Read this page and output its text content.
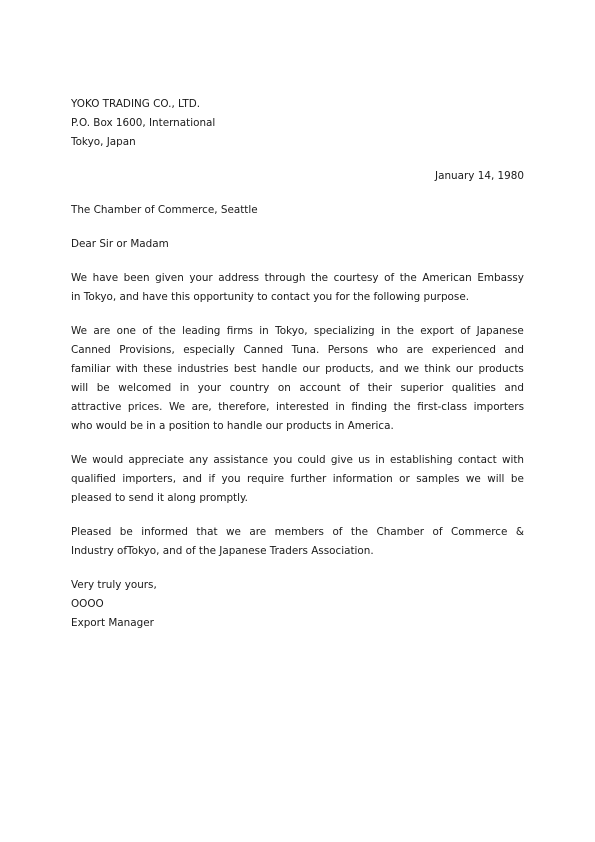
YOKO TRADING CO., LTD.
P.O. Box 1600, International
Tokyo, Japan
January 14, 1980
The Chamber of Commerce, Seattle
Dear Sir or Madam
We have been given your address through the courtesy of the American Embassy
in Tokyo, and have this opportunity to contact you for the following purpose.
We are one of the leading firms in Tokyo, specializing in the export of Japanese
Canned Provisions, especially Canned Tuna. Persons who are experienced and
familiar with these industries best handle our products, and we think our products
will be welcomed in your country on account of their superior qualities and
attractive prices. We are, therefore, interested in finding the first-class importers
who would be in a position to handle our products in America.
We would appreciate any assistance you could give us in establishing contact with
qualified importers, and if you require further information or samples we will be
pleased to send it along promptly.
Pleased be informed that we are members of the Chamber of Commerce &
Industry ofTokyo, and of the Japanese Traders Association.
Very truly yours,
OOOO
Export Manager
